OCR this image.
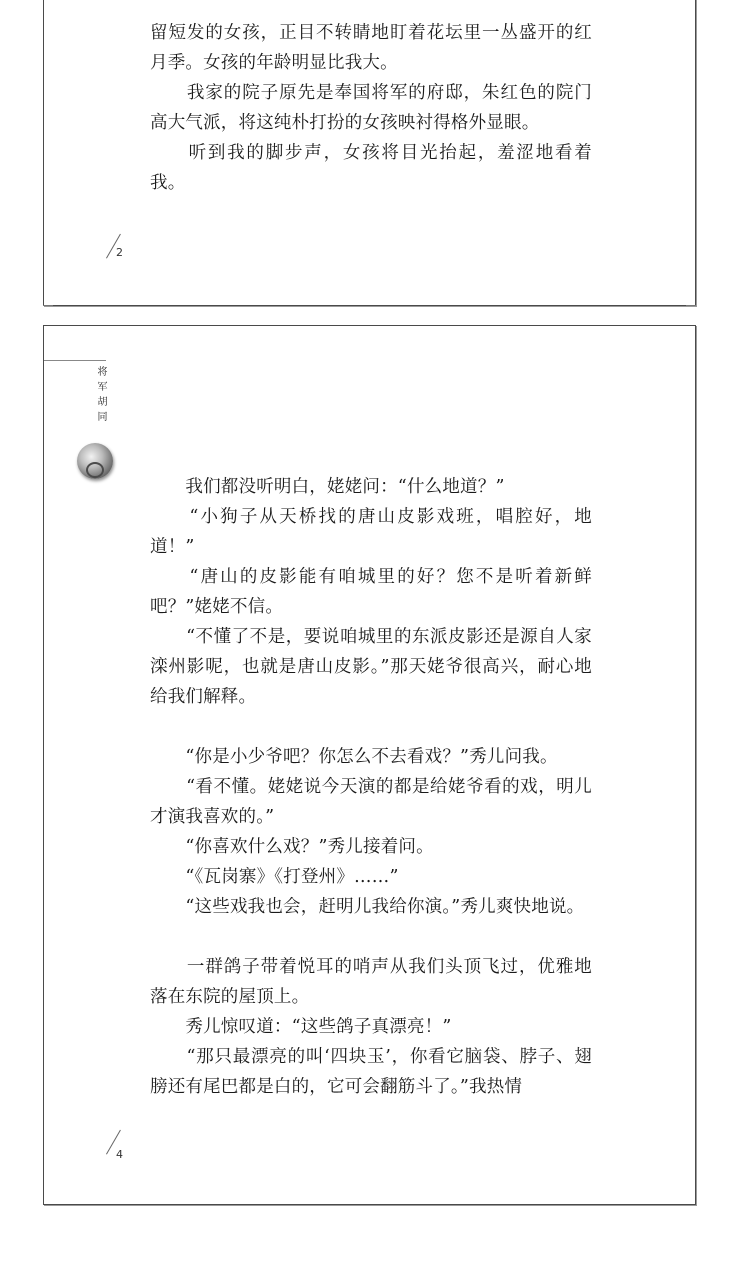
留短发的女孩，正目不转睛地盯着花坛里一丛盛开的红月季。女孩的年龄明显比我大。

　　我家的院子原先是奉国将军的府邸，朱红色的院门高大气派，将这纯朴打扮的女孩映衬得格外显眼。

　　听到我的脚步声，女孩将目光抬起，羞涩地看着我。

2
将军胡同

　　我们都没听明白，姥姥问：“什么地道？”

　　“小狗子从天桥找的唐山皮影戏班，唱腔好，地道！”

　　“唐山的皮影能有咱城里的好？您不是听着新鲜吧？”姥姥不信。

　　“不懂了不是，要说咱城里的东派皮影还是源自人家滦州影呢，也就是唐山皮影。”那天姥爷很高兴，耐心地给我们解释。

　　“你是小少爷吧？你怎么不去看戏？”秀儿问我。

　　“看不懂。姥姥说今天演的都是给姥爷看的戏，明儿才演我喜欢的。”

　　“你喜欢什么戏？”秀儿接着问。

　　“《瓦岗寨》《打登州》……”

　　“这些戏我也会，赶明儿我给你演。”秀儿爽快地说。

　　一群鸽子带着悦耳的哨声从我们头顶飞过，优雅地落在东院的屋顶上。

　　秀儿惊叹道：“这些鸽子真漂亮！”

　　“那只最漂亮的叫‘四块玉’，你看它脑袋、脖子、翅膀还有尾巴都是白的，它可会翻筋斗了。”我热情

4
